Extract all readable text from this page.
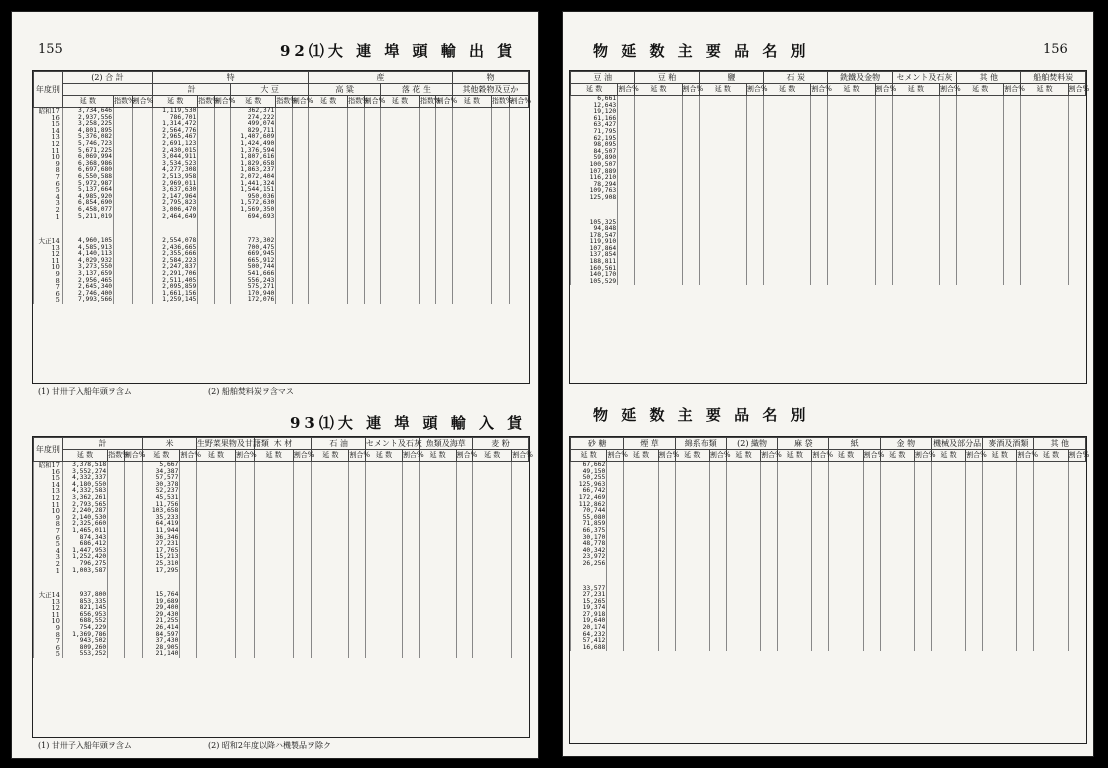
155	92⑴大 連 埠 頭 輸 出 貨
年度別	(2) 合 計			特						産						物		
				計			大 豆			高 粱			落 花 生			其他穀物及豆か		
	延 数	指数%	割合%	延 数	指数%	割合%	延 数	指数%	割合%	延 数	指数%	割合%	延 数	指数%	割合%	延 数	指数%	割合%
昭和17	3,734,646			1,119,530			362,371											
16	2,937,556			786,701			274,222											
15	3,258,225			1,314,472			499,074											
14	4,801,895			2,564,776			829,711											
13	5,376,082			2,965,467			1,407,609											
12	5,746,723			2,691,123			1,424,490											
11	5,671,225			2,430,015			1,376,594											
10	6,069,994			3,044,911			1,807,616											
9	6,368,986			3,534,523			1,829,658											
8	6,697,680			4,277,308			1,863,237											
7	6,550,588			2,513,958			2,072,404											
6	5,972,987			2,969,011			1,441,324											
5	5,137,664			3,637,630			1,544,151											
4	4,985,920			2,147,964			950,036											
3	6,854,690			2,795,823			1,572,630											
2	6,458,077			3,006,470			1,569,350											
1	5,211,019			2,464,649			694,693											

大正14	4,960,105			2,554,078			773,302											
13	4,585,913			2,436,665			700,475											
12	4,140,113			2,355,666			669,945											
11	4,029,932			2,584,223			665,912											
10	3,273,550			2,247,837			500,744											
9	3,137,659			2,291,706			541,666											
8	2,956,465			2,511,405			556,243											
7	2,645,340			2,095,859			575,271											
6	2,746,400			1,661,156			170,940											
5	7,993,566			1,259,145			172,076											
(1) 甘卅子入船年頭ヲ含ム	(2) 船舶焚料炭ヲ含マス
93⑴大 連 埠 頭 輸 入 貨
年度別	計			米		生野菜果物及甘藷類		木 材		石 油		セメント及石灰		魚類及海草		麦 粉	
	延 数	指数%	割合%	延 数	割合%	延 数	割合%	延 数	割合%	延 数	割合%	延 数	割合%	延 数	割合%	延 数	割合%
昭和17	3,378,518			5,667													
16	3,552,274			34,387													
15	4,332,337			57,577													
14	4,180,550			30,378													
13	4,332,583			52,237													
12	3,362,261			45,531													
11	2,793,565			11,756													
10	2,240,287			103,658													
9	2,140,530			35,233													
8	2,325,660			64,419													
7	1,465,011			11,944													
6	874,343			36,346													
5	686,412			27,231													
4	1,447,953			17,765													
3	1,252,420			15,213													
2	796,275			25,310													
1	1,003,587			17,295													

大正14	937,800			15,764													
13	853,335			19,689													
12	821,145			29,400													
11	656,953			29,430													
10	688,552			21,255													
9	754,229			26,414													
8	1,369,786			84,597													
7	943,502			37,430													
6	809,260			28,905													
5	553,252			21,140													
(1) 甘卅子入船年頭ヲ含ム	(2) 昭和2年度以降ハ機製品ヲ除ク
物 延 数 主 要 品 名 別	156
豆 油		豆 粕		鹽		石 炭		銑鐵及金物		セメント及石灰		其 他		船舶焚料炭	
延 数	割合%	延 数	割合%	延 数	割合%	延 数	割合%	延 数	割合%	延 数	割合%	延 数	割合%	延 数	割合%
6,661															
12,643															
19,120															
61,166															
63,427															
71,795															
62,195															
98,095															
84,507															
59,890															
100,507															
107,889															
116,210															
78,294															
109,763															
125,908															

105,325															
94,848															
178,547															
119,910															
107,864															
137,854															
188,811															
160,561															
140,170															
105,529															
物 延 数 主 要 品 名 別
砂 糖		煙 草		綿系布類		(2) 織物		麻 袋		紙		金 物		機械及部分品		麥酒及酒類		其 他	
延 数	割合%	延 数	割合%	延 数	割合%	延 数	割合%	延 数	割合%	延 数	割合%	延 数	割合%	延 数	割合%	延 数	割合%	延 数	割合%
67,662																			
49,150																			
50,255																			
125,963																			
66,742																			
172,469																			
112,862																			
70,744																			
55,080																			
71,859																			
66,375																			
30,170																			
48,778																			
40,342																			
23,972																			
26,256																			

33,577																			
27,231																			
15,265																			
19,374																			
27,918																			
19,640																			
20,174																			
64,232																			
57,412																			
16,688																			
